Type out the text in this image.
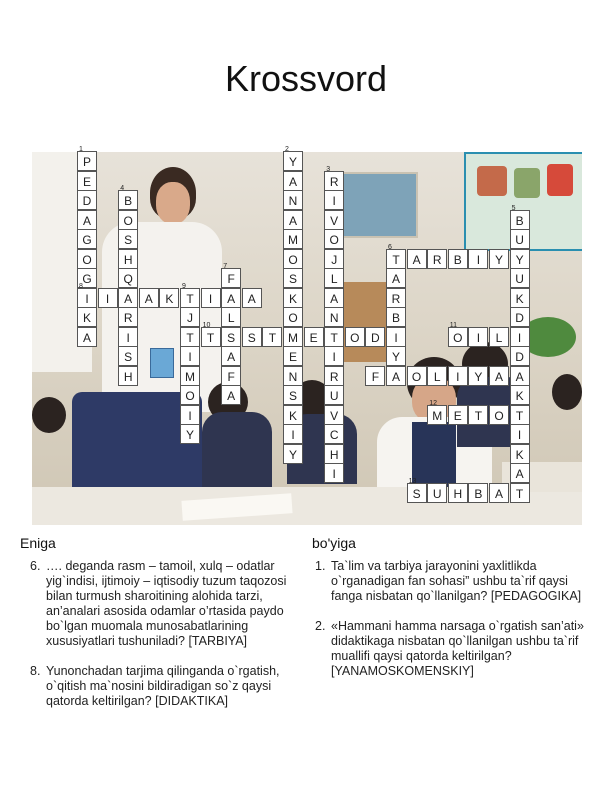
Krossvord
P
1
E
D
A
G
O
G
I
8
K
A
Y
2
A
N
A
M
O
S
K
O
M
E
N
S
K
I
Y
R
3
I
V
O
J
L
A
N
T
I
R
U
V
C
H
I
B
4
O
S
H
Q
A
R
I
S
H
B
5
U
Y
U
K
D
I
D
A
K
T
I
K
A
T
6
A	R	B	I	Y
F
7
A
L
S
A
F
A
A
R
B
I
Y
I	A	K	T
9
I	A
J
T
I
M
O
I
Y
T
10
S	T	E	O D	O
11
I	L
F	A O	L	I	Y	A
M
12
E	T	O
S
13
U H	B	A	T
Eniga	bo'yiga
6. …. deganda rasm – tamoil, xulq – odatlar yig`indisi, ijtimoiy – iqtisodiy tuzum taqozosi bilan turmush sharoitining alohida tarzi, an’analari asosida odamlar o’rtasida paydo bo`lgan muomala munosabatlarining xususiyatlari tushuniladi? [TARBIYA]
8. Yunonchadan tarjima qilinganda o`rgatish, o`qitish ma`nosini bildiradigan so`z qaysi qatorda keltirilgan? [DIDAKTIKA]
1. Ta`lim va tarbiya jarayonini yaxlitlikda o`rganadigan fan sohasi” ushbu ta`rif qaysi fanga nisbatan qo`llanilgan? [PEDAGOGIKA]
2. «Hammani hamma narsaga o`rgatish san’ati» didaktikaga nisbatan qo`llanilgan ushbu ta`rif muallifi qaysi qatorda keltirilgan? [YANAMOSKOMENSKIY]
